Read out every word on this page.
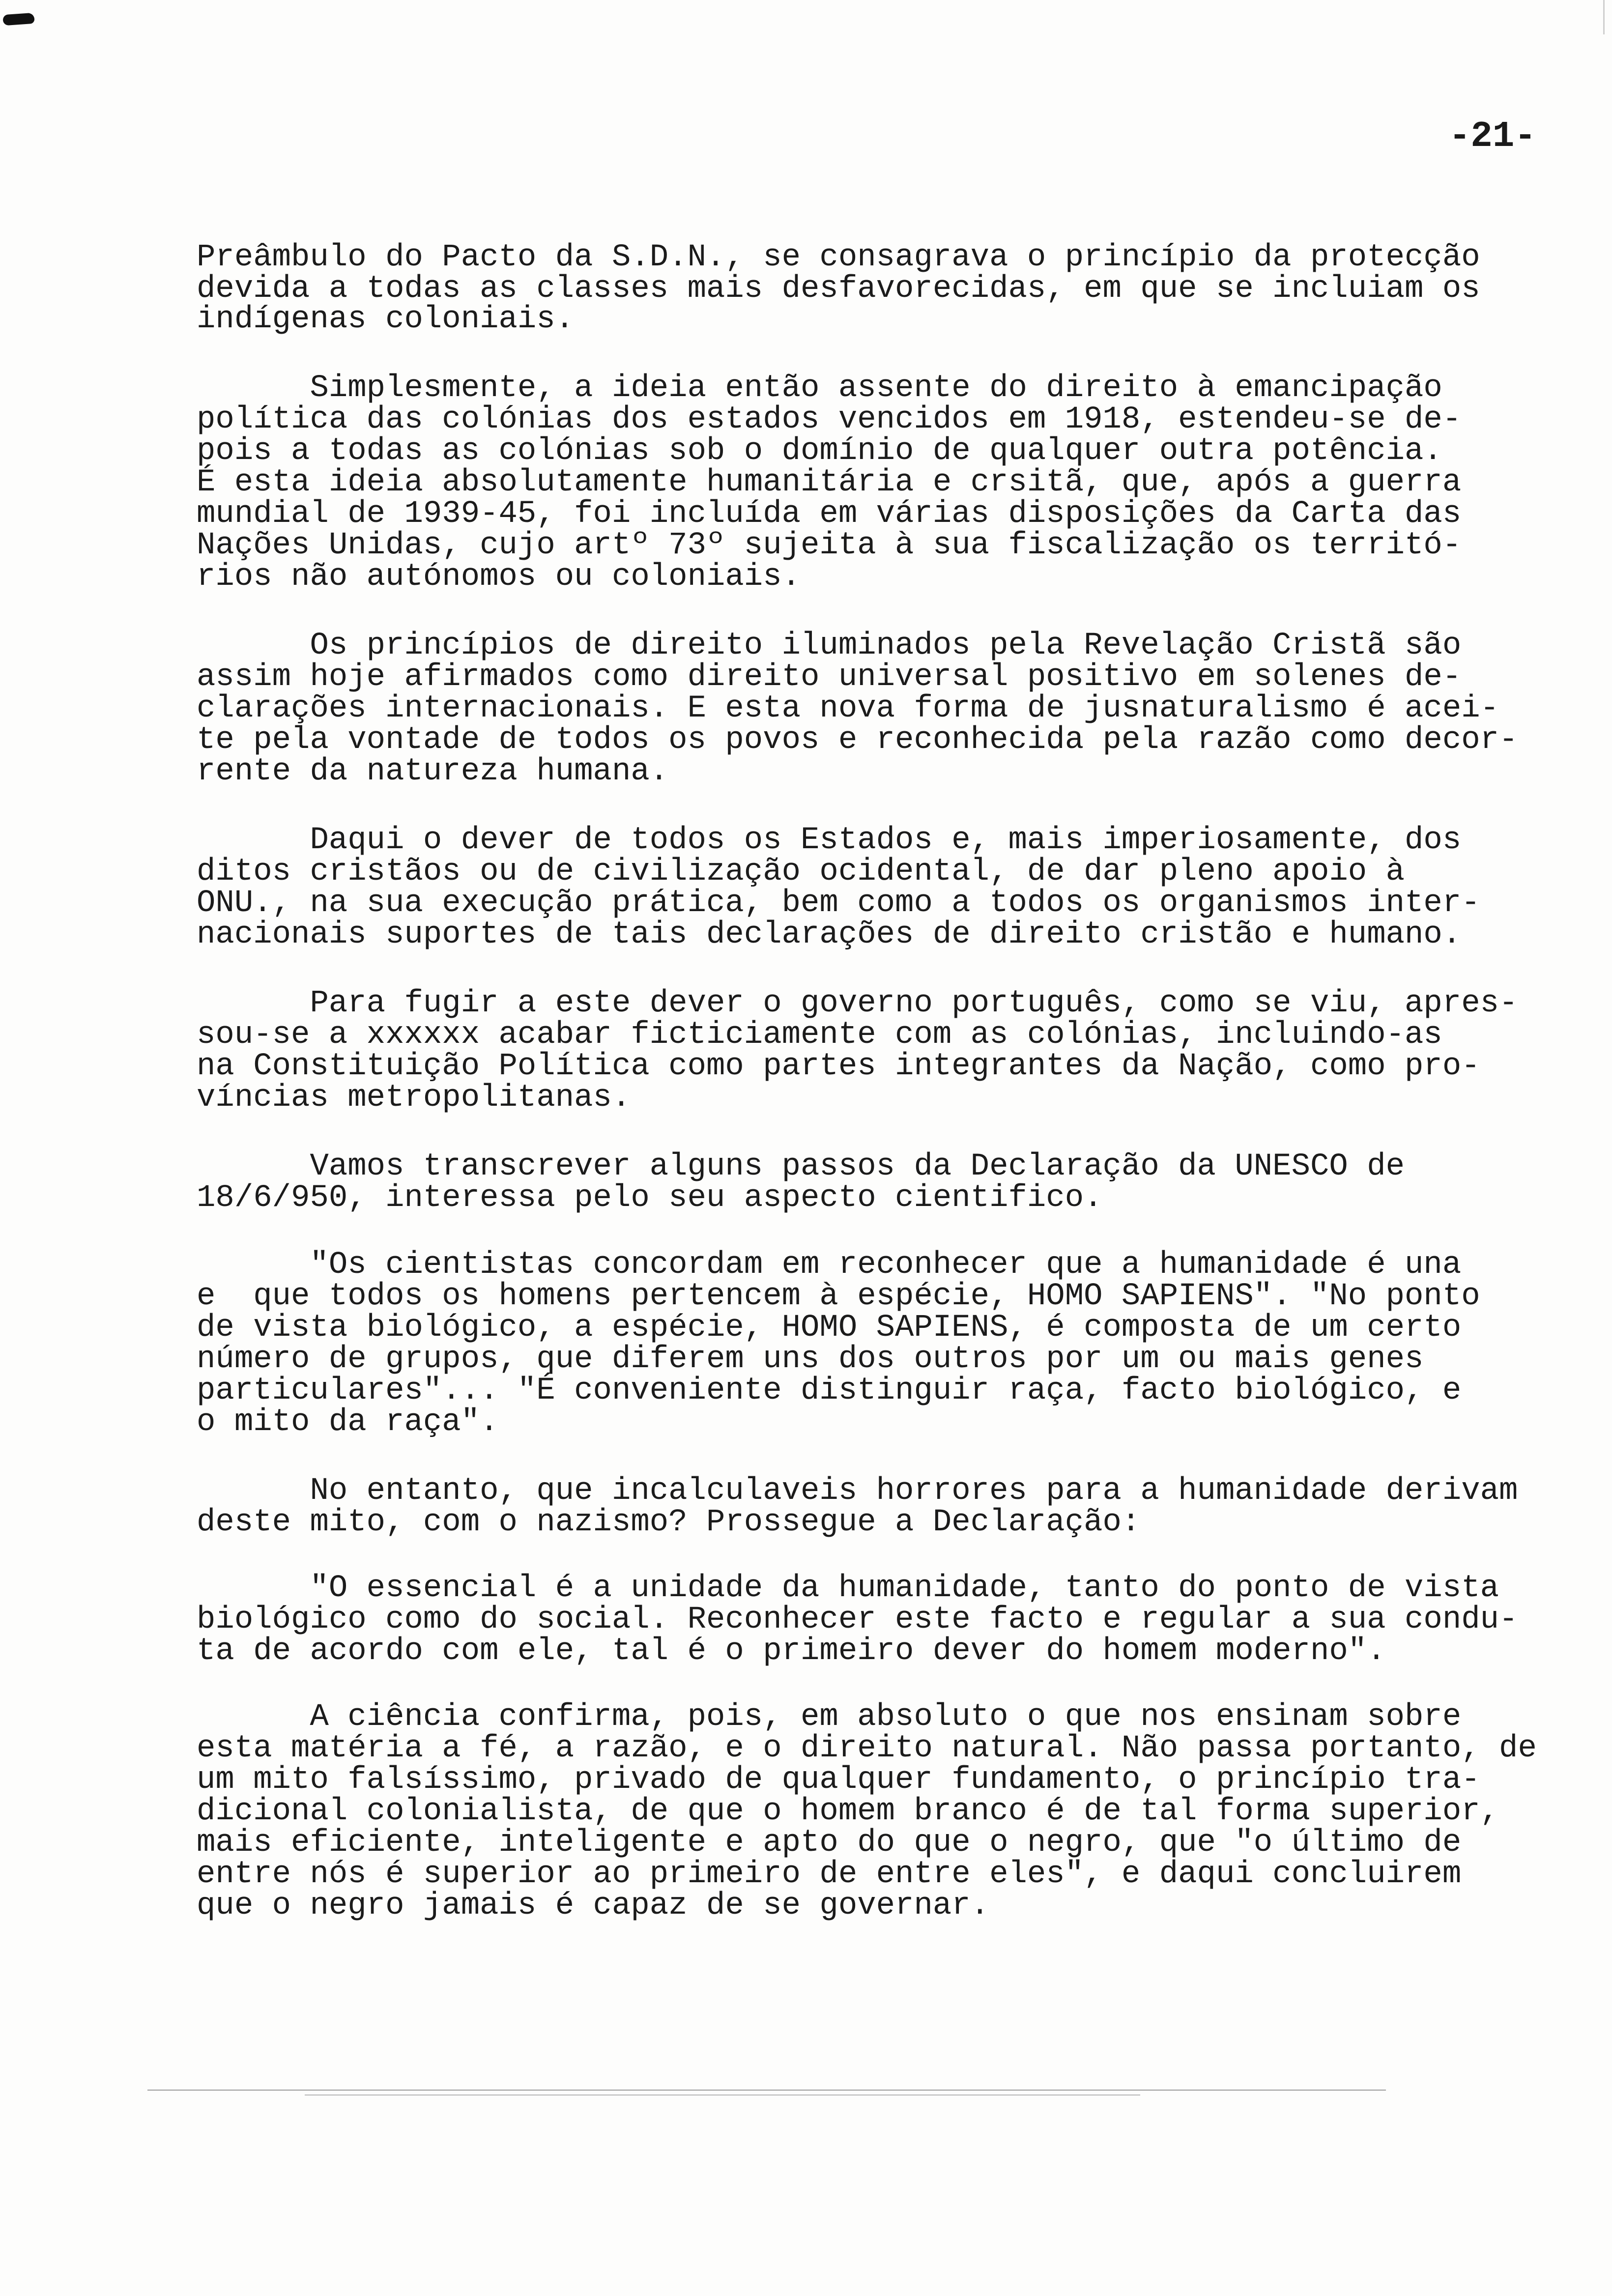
-21-
Preâmbulo do Pacto da S.D.N., se consagrava o princípio da protecção
devida a todas as classes mais desfavorecidas, em que se incluiam os
indígenas coloniais.
Simplesmente, a ideia então assente do direito à emancipação
política das colónias dos estados vencidos em 1918, estendeu-se de-
pois a todas as colónias sob o domínio de qualquer outra potência.
É esta ideia absolutamente humanitária e crsitã, que, após a guerra
mundial de 1939-45, foi incluída em várias disposições da Carta das
Nações Unidas, cujo artº 73º sujeita à sua fiscalização os territó-
rios não autónomos ou coloniais.
Os princípios de direito iluminados pela Revelação Cristã são
assim hoje afirmados como direito universal positivo em solenes de-
clarações internacionais. E esta nova forma de jusnaturalismo é acei-
te pela vontade de todos os povos e reconhecida pela razão como decor-
rente da natureza humana.
Daqui o dever de todos os Estados e, mais imperiosamente, dos
ditos cristãos ou de civilização ocidental, de dar pleno apoio à
ONU., na sua execução prática, bem como a todos os organismos inter-
nacionais suportes de tais declarações de direito cristão e humano.
Para fugir a este dever o governo português, como se viu, apres-
sou-se a xxxxxx acabar ficticiamente com as colónias, incluindo-as
na Constituição Política como partes integrantes da Nação, como pro-
víncias metropolitanas.
Vamos transcrever alguns passos da Declaração da UNESCO de
18/6/950, interessa pelo seu aspecto cientifico.
"Os cientistas concordam em reconhecer que a humanidade é una
e  que todos os homens pertencem à espécie, HOMO SAPIENS". "No ponto
de vista biológico, a espécie, HOMO SAPIENS, é composta de um certo
número de grupos, que diferem uns dos outros por um ou mais genes
particulares"... "É conveniente distinguir raça, facto biológico, e
o mito da raça".
No entanto, que incalculaveis horrores para a humanidade derivam
deste mito, com o nazismo? Prossegue a Declaração:
"O essencial é a unidade da humanidade, tanto do ponto de vista
biológico como do social. Reconhecer este facto e regular a sua condu-
ta de acordo com ele, tal é o primeiro dever do homem moderno".
A ciência confirma, pois, em absoluto o que nos ensinam sobre
esta matéria a fé, a razão, e o direito natural. Não passa portanto, de
um mito falsíssimo, privado de qualquer fundamento, o princípio tra-
dicional colonialista, de que o homem branco é de tal forma superior,
mais eficiente, inteligente e apto do que o negro, que "o último de
entre nós é superior ao primeiro de entre eles", e daqui concluirem
que o negro jamais é capaz de se governar.
